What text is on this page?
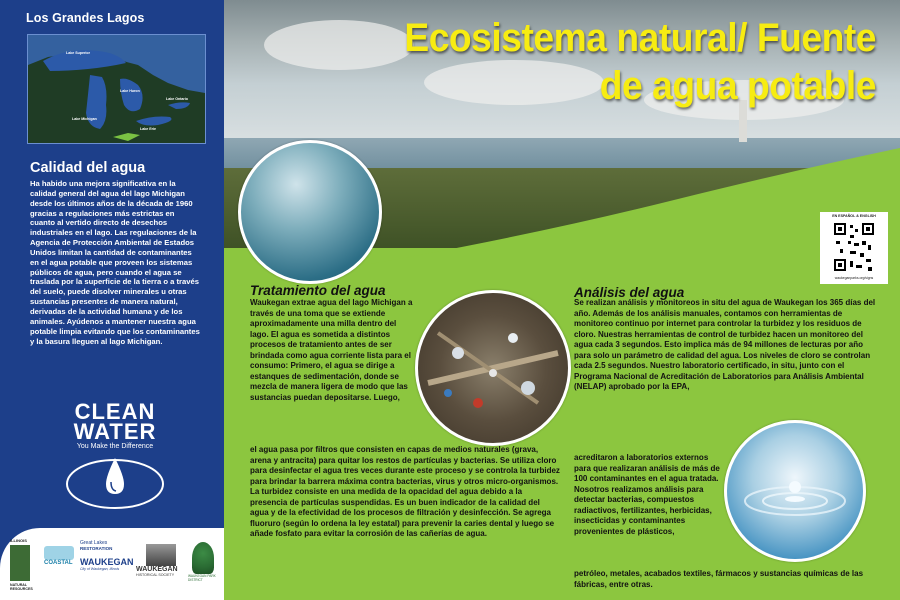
Los Grandes Lagos
Lake Superior
Lake Huron
Lake Michigan
Lake Ontario
Lake Erie
Calidad del agua
Ha habido una mejora significativa en la calidad general del agua del lago Michigan desde los últimos años de la década de 1960 gracias a regulaciones más estrictas en cuanto al vertido directo de desechos industriales en el lago. Las regulaciones de la Agencia de Protección Ambiental de Estados Unidos limitan la cantidad de contaminantes en el agua potable que proveen los sistemas públicos de agua, pero cuando el agua se traslada por la superficie de la tierra o a través del suelo, puede disolver minerales u otras sustancias presentes de manera natural, derivadas de la actividad humana y de los animales. Ayúdenos a mantener nuestra agua potable limpia evitando que los contaminantes y la basura lleguen al lago Michigan.
CLEAN
WATER
You Make the Difference
ILLINOIS
NATURAL RESOURCES
COASTAL
Great Lakes
RESTORATION
WAUKEGAN
City of Waukegan, Illinois	WAUKEGAN
HISTORICAL SOCIETY	WAUKEGAN PARK DISTRICT
Ecosistema natural/ Fuente
de agua potable
EN ESPAÑOL & ENGLISH
waukeganparks.org/signs
Tratamiento del agua
Waukegan extrae agua del lago Michigan a través de una toma que se extiende aproximadamente una milla dentro del lago. El agua es sometida a distintos procesos de tratamiento antes de ser brindada como agua corriente lista para el consumo: Primero, el agua se dirige a estanques de sedimentación, donde se mezcla de manera ligera de modo que las sustancias puedan depositarse. Luego,
el agua pasa por filtros que consisten en capas de medios naturales (grava, arena y antracita) para quitar los restos de partículas y bacterias. Se utiliza cloro para desinfectar el agua tres veces durante este proceso y se controla la turbidez para brindar la barrera máxima contra bacterias, virus y otros micro-organismos. La turbidez consiste en una medida de la opacidad del agua debido a la presencia de partículas suspendidas. Es un buen indicador de la calidad del agua y de la efectividad de los procesos de filtración y desinfección. Se agrega fluoruro (según lo ordena la ley estatal) para prevenir la caries dental y luego se añade fosfato para evitar la corrosión de las cañerías de agua.
Análisis del agua
Se realizan análisis y monitoreos in situ del agua de Waukegan los 365 días del año. Además de los análisis manuales, contamos con herramientas de monitoreo continuo por internet para controlar la turbidez y los residuos de cloro. Nuestras herramientas de control de turbidez hacen un monitoreo del agua cada 3 segundos. Esto implica más de 94 millones de lecturas por año para solo un parámetro de calidad del agua. Los niveles de cloro se controlan cada 2.5 segundos. Nuestro laboratorio certificado, in situ, junto con el Programa Nacional de Acreditación de Laboratorios para Análisis Ambiental (NELAP) aprobado por la EPA,
acreditaron a laboratorios externos para que realizaran análisis de más de 100 contaminantes en el agua tratada. Nosotros realizamos análisis para detectar bacterias, compuestos radiactivos, fertilizantes, herbicidas, insecticidas y contaminantes provenientes de plásticos,
petróleo, metales, acabados textiles, fármacos y sustancias químicas de las fábricas, entre otras.
